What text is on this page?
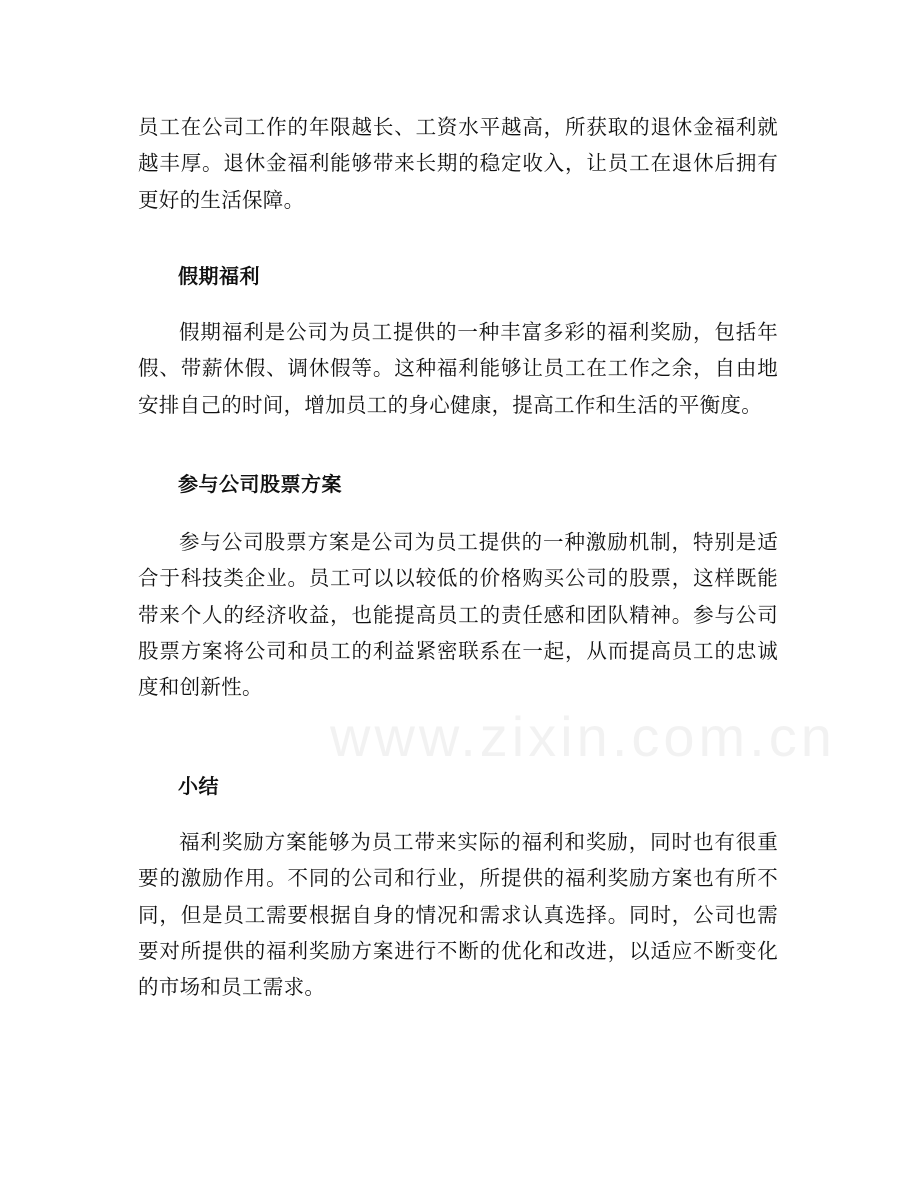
员工在公司工作的年限越长、工资水平越高，所获取的退休金福利就越丰厚。退休金福利能够带来长期的稳定收入，让员工在退休后拥有更好的生活保障。

假期福利

假期福利是公司为员工提供的一种丰富多彩的福利奖励，包括年假、带薪休假、调休假等。这种福利能够让员工在工作之余，自由地安排自己的时间，增加员工的身心健康，提高工作和生活的平衡度。

参与公司股票方案

参与公司股票方案是公司为员工提供的一种激励机制，特别是适合于科技类企业。员工可以以较低的价格购买公司的股票，这样既能带来个人的经济收益，也能提高员工的责任感和团队精神。参与公司股票方案将公司和员工的利益紧密联系在一起，从而提高员工的忠诚度和创新性。

小结

福利奖励方案能够为员工带来实际的福利和奖励，同时也有很重要的激励作用。不同的公司和行业，所提供的福利奖励方案也有所不同，但是员工需要根据自身的情况和需求认真选择。同时，公司也需要对所提供的福利奖励方案进行不断的优化和改进，以适应不断变化的市场和员工需求。

www.zixin.com.cn
